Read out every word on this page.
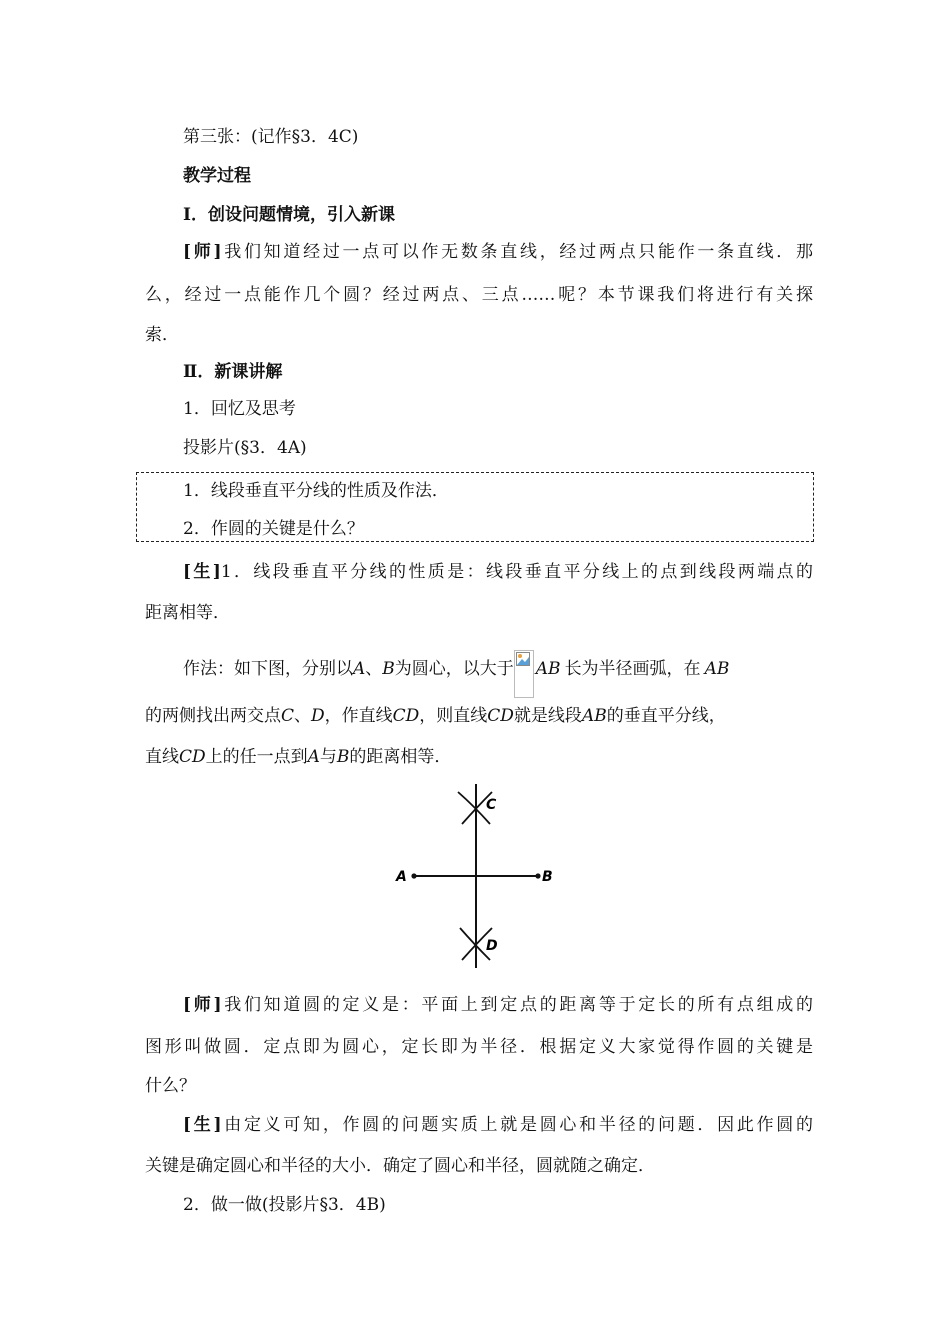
第三张：(记作§3．4C)
教学过程
Ⅰ．创设问题情境，引入新课
[师]我们知道经过一点可以作无数条直线，经过两点只能作一条直线．那
么，经过一点能作几个圆？经过两点、三点……呢？本节课我们将进行有关探
索．
Ⅱ．新课讲解
1．回忆及思考
投影片(§3．4A)
1．线段垂直平分线的性质及作法．
2．作圆的关键是什么？
[生]1．线段垂直平分线的性质是：线段垂直平分线上的点到线段两端点的
距离相等．
作法：如下图，分别以A、B为圆心，以大于 AB 长为半径画弧，在 AB
的两侧找出两交点C、D，作直线CD，则直线CD就是线段AB的垂直平分线，
直线CD上的任一点到A与B的距离相等．
C
D
A	B
[师]我们知道圆的定义是：平面上到定点的距离等于定长的所有点组成的
图形叫做圆．定点即为圆心，定长即为半径．根据定义大家觉得作圆的关键是
什么？
[生]由定义可知，作圆的问题实质上就是圆心和半径的问题．因此作圆的
关键是确定圆心和半径的大小．确定了圆心和半径，圆就随之确定．
2．做一做(投影片§3．4B)
